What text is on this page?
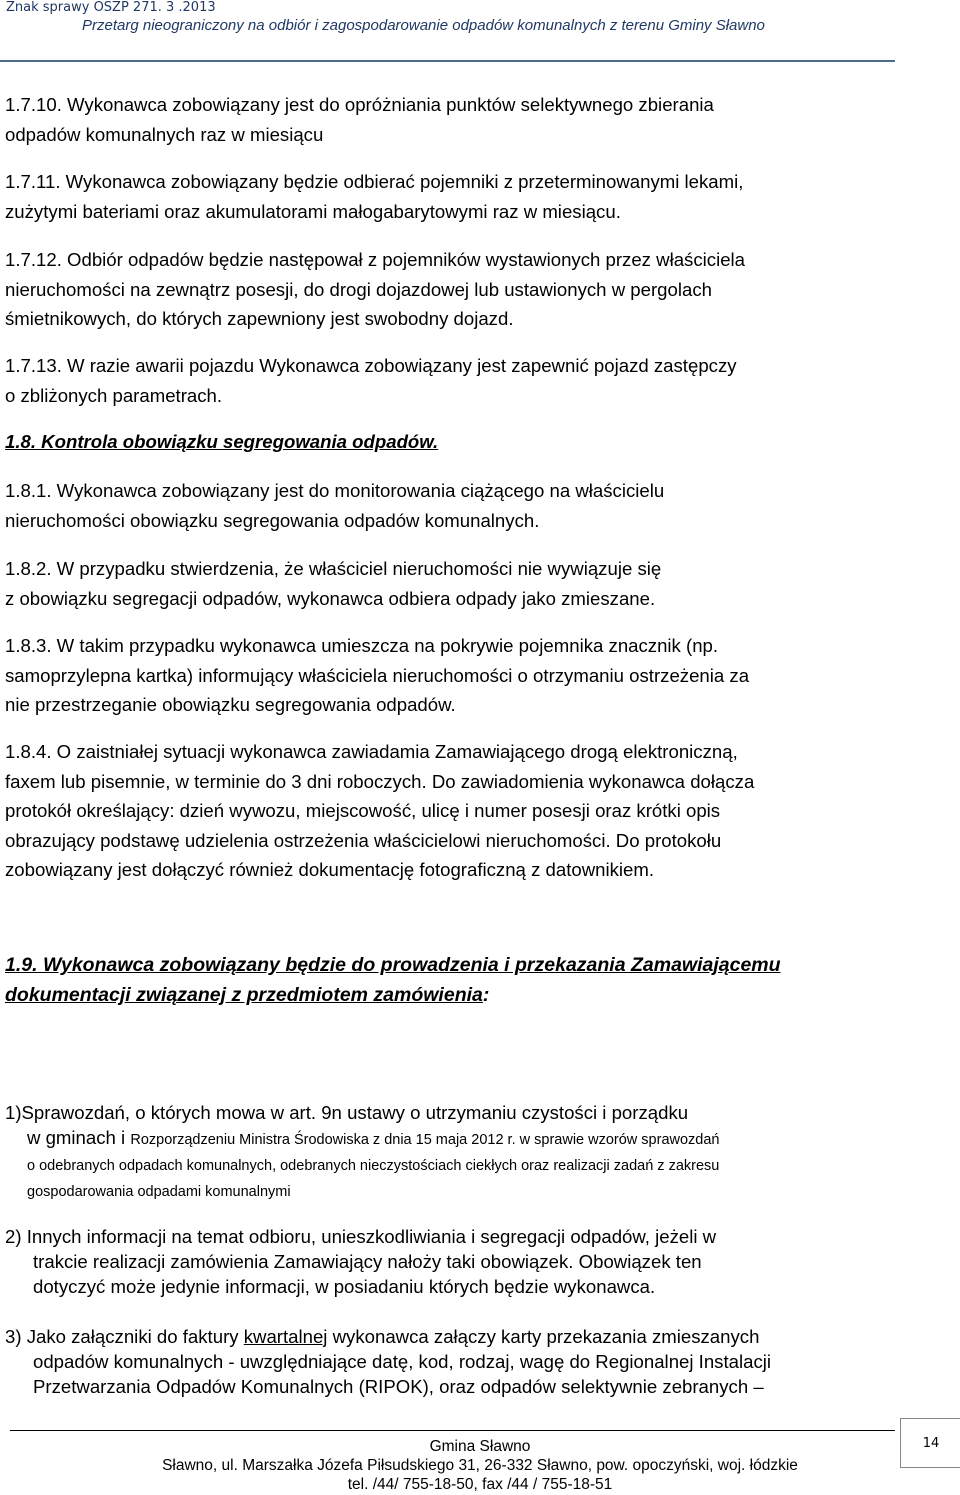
Znak sprawy OŚZP 271. 3 .2013
Przetarg nieograniczony na odbiór i zagospodarowanie odpadów komunalnych z terenu Gminy Sławno
1.7.10. Wykonawca zobowiązany jest do opróżniania punktów selektywnego zbierania
odpadów komunalnych raz w miesiącu
1.7.11. Wykonawca zobowiązany będzie odbierać pojemniki z przeterminowanymi lekami,
zużytymi bateriami oraz akumulatorami małogabarytowymi raz w miesiącu.
1.7.12. Odbiór odpadów będzie następował z pojemników wystawionych przez właściciela
nieruchomości na zewnątrz posesji, do drogi dojazdowej lub ustawionych w pergolach
śmietnikowych, do których zapewniony jest swobodny dojazd.
1.7.13. W razie awarii pojazdu Wykonawca zobowiązany jest zapewnić pojazd zastępczy
o zbliżonych parametrach.
1.8. Kontrola obowiązku segregowania odpadów.
1.8.1. Wykonawca zobowiązany jest do monitorowania ciążącego na właścicielu
nieruchomości obowiązku segregowania odpadów komunalnych.
1.8.2. W przypadku stwierdzenia, że właściciel nieruchomości nie wywiązuje się
z obowiązku segregacji odpadów, wykonawca odbiera odpady jako zmieszane.
1.8.3. W takim przypadku wykonawca umieszcza na pokrywie pojemnika znacznik (np.
samoprzylepna kartka) informujący właściciela nieruchomości o otrzymaniu ostrzeżenia za
nie przestrzeganie obowiązku segregowania odpadów.
1.8.4. O zaistniałej sytuacji wykonawca zawiadamia Zamawiającego drogą elektroniczną,
faxem lub pisemnie, w terminie do 3 dni roboczych. Do zawiadomienia wykonawca dołącza
protokół określający: dzień wywozu, miejscowość, ulicę i numer posesji oraz krótki opis
obrazujący podstawę udzielenia ostrzeżenia właścicielowi nieruchomości. Do protokołu
zobowiązany jest dołączyć również dokumentację fotograficzną z datownikiem.
1.9. Wykonawca zobowiązany będzie do prowadzenia i przekazania Zamawiającemu
dokumentacji związanej z przedmiotem zamówienia:
1)Sprawozdań, o których mowa w art. 9n ustawy o utrzymaniu czystości i porządku
w gminach i Rozporządzeniu Ministra Środowiska z dnia 15 maja 2012 r. w sprawie wzorów sprawozdań
o odebranych odpadach komunalnych, odebranych nieczystościach ciekłych oraz realizacji zadań z zakresu
gospodarowania odpadami komunalnymi
2) Innych informacji na temat odbioru, unieszkodliwiania i segregacji odpadów, jeżeli w
trakcie realizacji zamówienia Zamawiający nałoży taki obowiązek. Obowiązek ten
dotyczyć może jedynie informacji, w posiadaniu których będzie wykonawca.
3) Jako załączniki do faktury kwartalnej wykonawca załączy karty przekazania zmieszanych
odpadów komunalnych - uwzględniające datę, kod, rodzaj, wagę do Regionalnej Instalacji
Przetwarzania Odpadów Komunalnych (RIPOK), oraz odpadów selektywnie zebranych –
Gmina Sławno
Sławno, ul. Marszałka Józefa Piłsudskiego 31, 26-332 Sławno, pow. opoczyński, woj. łódzkie
tel. /44/ 755-18-50, fax /44 / 755-18-51
14
